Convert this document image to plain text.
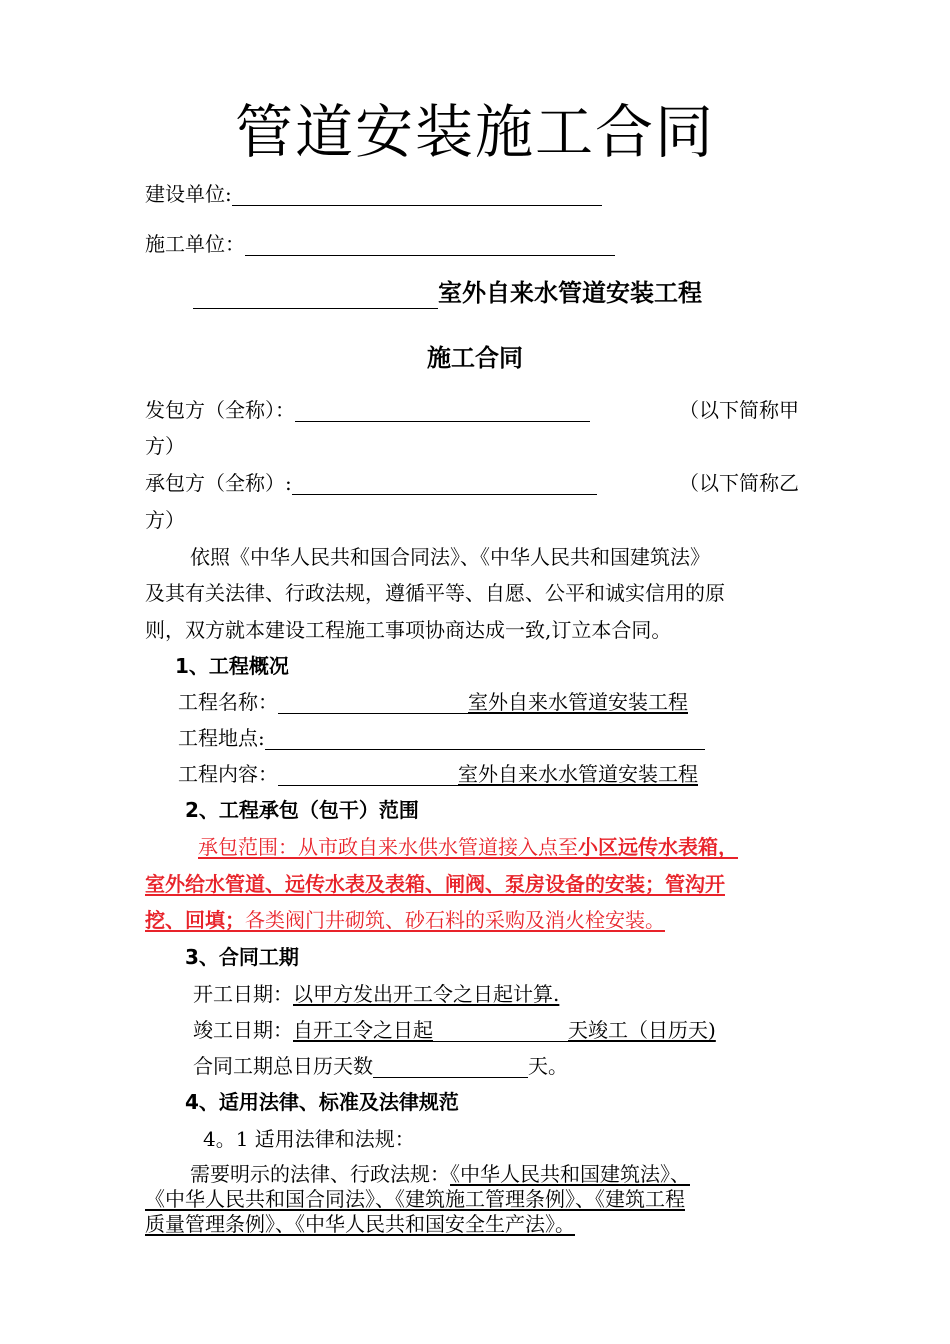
管道安装施工合同
建设单位:
施工单位：
室外自来水管道安装工程
施工合同
发包方（全称）：	（以下简称甲
方）
承包方（全称）:	（以下简称乙
方）
依照《中华人民共和国合同法》、《中华人民共和国建筑法》
及其有关法律、行政法规，遵循平等、自愿、公平和诚实信用的原
则，双方就本建设工程施工事项协商达成一致,订立本合同。
1、工程概况
工程名称：	室外自来水管道安装工程
工程地点:
工程内容：	室外自来水水管道安装工程
2、工程承包（包干）范围
承包范围：从市政自来水供水管道接入点至小区远传水表箱，
室外给水管道、远传水表及表箱、闸阀、泵房设备的安装；管沟开
挖、回填；各类阀门井砌筑、砂石料的采购及消火栓安装。
3、合同工期
开工日期：以甲方发出开工令之日起计算.
竣工日期：自开工令之日起	天竣工（日历天)
合同工期总日历天数	天。
4、适用法律、标准及法律规范
4。1 适用法律和法规：
需要明示的法律、行政法规：《中华人民共和国建筑法》、
《中华人民共和国合同法》、《建筑施工管理条例》、《建筑工程
质量管理条例》、《中华人民共和国安全生产法》。
